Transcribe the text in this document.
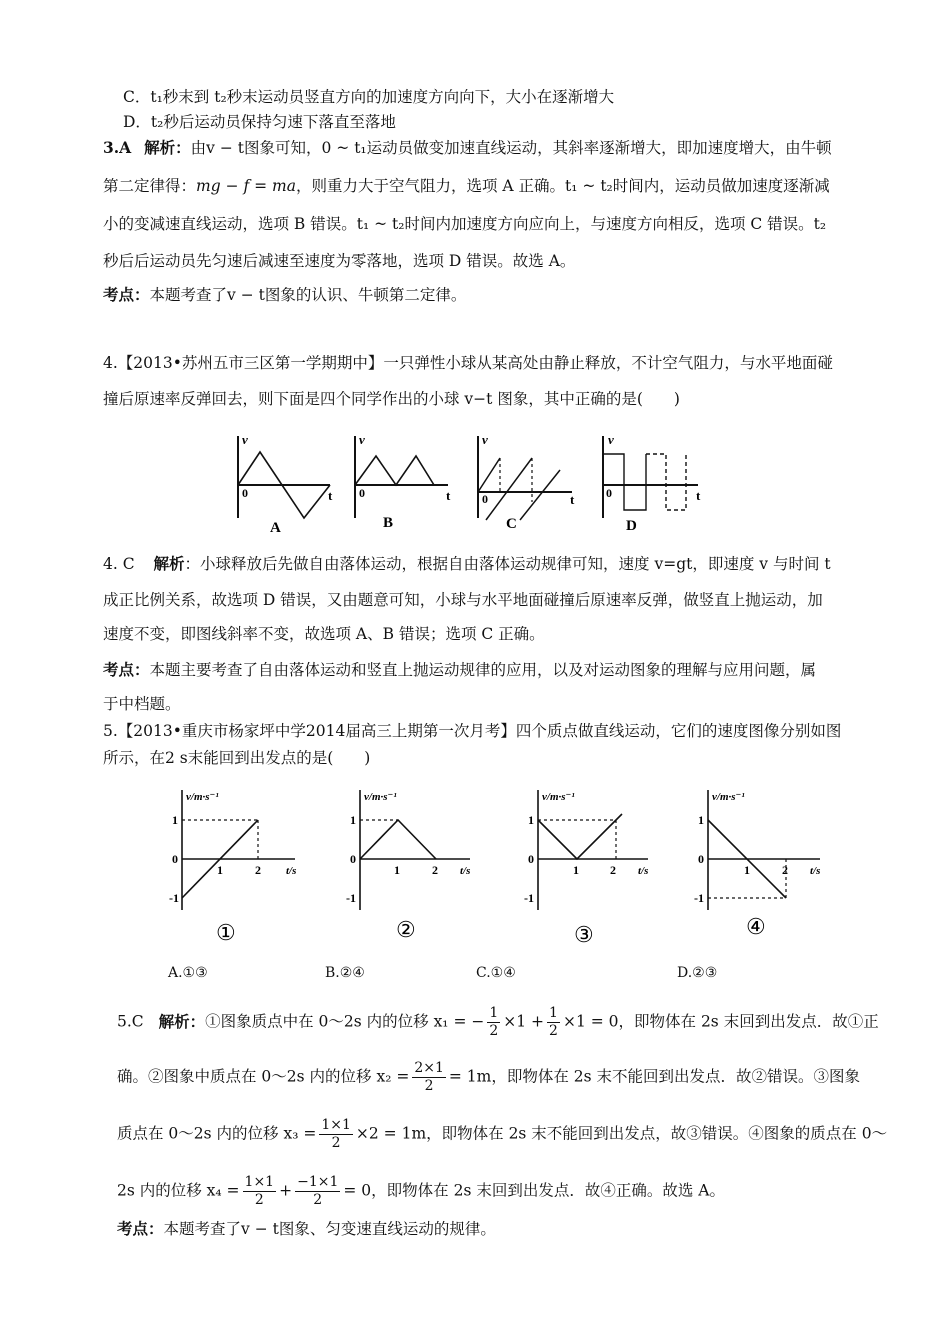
C．t₁秒末到 t₂秒末运动员竖直方向的加速度方向向下，大小在逐渐增大
D．t₂秒后运动员保持匀速下落直至落地
3.A 解析：由v − t图象可知，0 ~ t₁运动员做变加速直线运动，其斜率逐渐增大，即加速度增大，由牛顿
第二定律得：mg − f = ma，则重力大于空气阻力，选项 A 正确。t₁ ~ t₂时间内，运动员做加速度逐渐减
小的变减速直线运动，选项 B 错误。t₁ ~ t₂时间内加速度方向应向上，与速度方向相反，选项 C 错误。t₂
秒后后运动员先匀速后减速至速度为零落地，选项 D 错误。故选 A。
考点：本题考查了v − t图象的认识、牛顿第二定律。
4.【2013•苏州五市三区第一学期期中】一只弹性小球从某高处由静止释放，不计空气阻力，与水平地面碰
撞后原速率反弹回去，则下面是四个同学作出的小球 v−t 图象，其中正确的是(　　)
v
0	t
A
v
0	t
B
v
0	t
C
v
0	t
D
4. C 解析：小球释放后先做自由落体运动，根据自由落体运动规律可知，速度 v=gt，即速度 v 与时间 t
成正比例关系，故选项 D 错误，又由题意可知，小球与水平地面碰撞后原速率反弹，做竖直上抛运动，加
速度不变，即图线斜率不变，故选项 A、B 错误；选项 C 正确。
考点：本题主要考查了自由落体运动和竖直上抛运动规律的应用，以及对运动图象的理解与应用问题，属
于中档题。
5.【2013•重庆市杨家坪中学2014届高三上期第一次月考】四个质点做直线运动，它们的速度图像分别如图
所示，在2 s末能回到出发点的是(　　)
v/m·s⁻¹
t/s
1
0
-1
1	2
①
v/m·s⁻¹
t/s
1
0
-1
1	2
②
v/m·s⁻¹
t/s
1
0
-1
1	2
③
v/m·s⁻¹
t/s
1
0
-1
1	2
④
A.①③	B.②④	C.①④	D.②③
5.C 解析：①图象质点中在 0～2s 内的位移 x₁ = − $\frac{1}{2} \times 1 + \frac{1}{2} \times 1 = 0$，即物体在 2s 末回到出发点．故①正
确。②图象中质点在 0～2s 内的位移 $x_2 = \frac{2\times 1}{2} = 1m$，即物体在 2s 末不能回到出发点．故②错误。③图象
质点在 0～2s 内的位移 $x_3 = \frac{1\times 1}{2} \times 2 = 1m$，即物体在 2s 末不能回到出发点，故③错误。④图象的质点在 0～
2s 内的位移 $x_4 = \frac{1\times 1}{2} + \frac{-1\times 1}{2} = 0$，即物体在 2s 末回到出发点．故④正确。故选 A。
考点：本题考查了v − t图象、匀变速直线运动的规律。
